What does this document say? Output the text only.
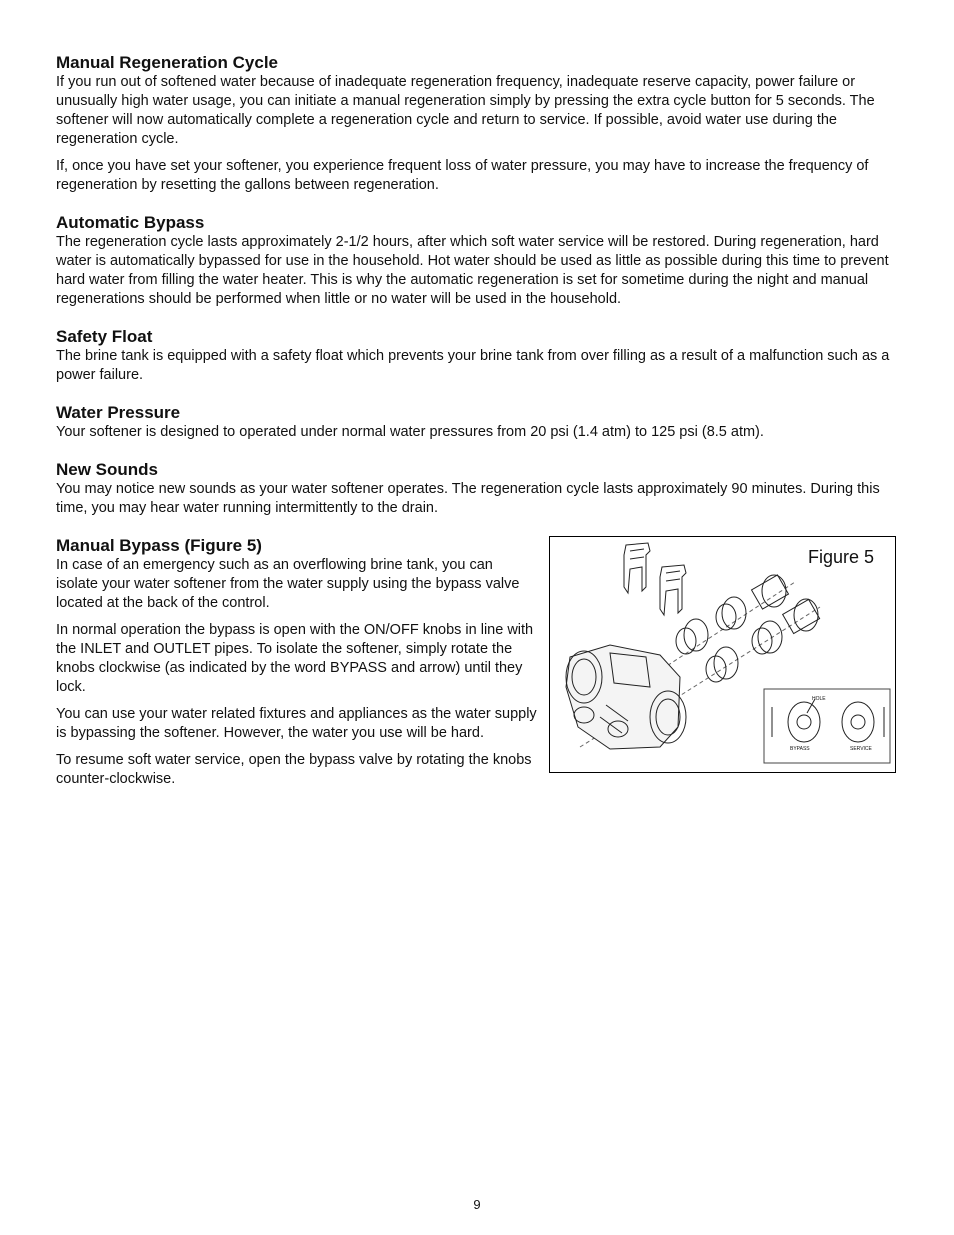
Manual Regeneration Cycle

If you run out of softened water because of inadequate regeneration frequency, inadequate reserve capacity, power failure or unusually high water usage, you can initiate a manual regeneration simply by pressing the extra cycle button for 5 seconds. The softener will now automatically complete a regeneration cycle and return to service. If possible, avoid water use during the regeneration cycle.

If, once you have set your softener, you experience frequent loss of water pressure, you may have to increase the frequency of regeneration by resetting the gallons between regeneration.

Automatic Bypass

The regeneration cycle lasts approximately 2-1/2 hours, after which soft water service will be restored. During regeneration, hard water is automatically bypassed for use in the household. Hot water should be used as little as possible during this time to prevent hard water from filling the water heater. This is why the automatic regeneration is set for sometime during the night and manual regenerations should be performed when little or no water will be used in the household.

Safety Float

The brine tank is equipped with a safety float which prevents your brine tank from over filling as a result of a malfunction such as a power failure.

Water Pressure

Your softener is designed to operated under normal water pressures from 20 psi (1.4 atm) to 125 psi (8.5 atm).

New Sounds

You may notice new sounds as your water softener operates. The regeneration cycle lasts approximately 90 minutes. During this time, you may hear water running intermittently to the drain.

Manual Bypass (Figure 5)

In case of an emergency such as an overflowing brine tank, you can isolate your water softener from the water supply using the bypass valve located at the back of the control.

In normal operation the bypass is open with the ON/OFF knobs in line with the INLET and OUTLET pipes. To isolate the softener, simply rotate the knobs clockwise (as indicated by the word BYPASS and arrow) until they lock.

You can use your water related fixtures and appliances as the water supply is bypassing the softener. However, the water you use will be hard.

To resume soft water service, open the bypass valve by rotating the knobs counter-clockwise.

Figure 5
HOLE
BYPASS	SERVICE
9
